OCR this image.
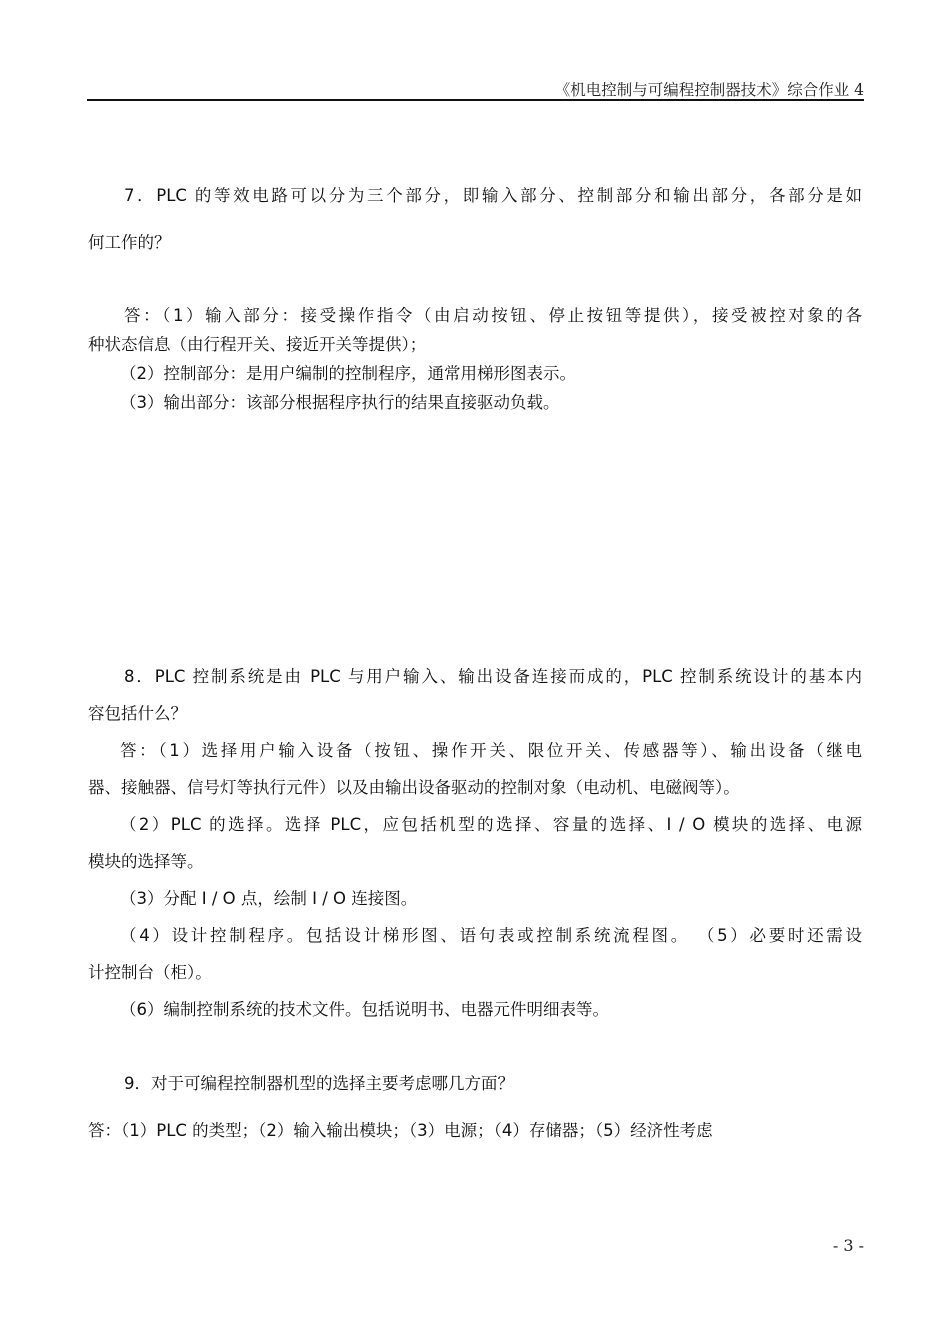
《机电控制与可编程控制器技术》综合作业 4
7．PLC 的等效电路可以分为三个部分，即输入部分、控制部分和输出部分，各部分是如
何工作的？
答：（1）输入部分：接受操作指令（由启动按钮、停止按钮等提供），接受被控对象的各
种状态信息（由行程开关、接近开关等提供）；
（2）控制部分：是用户编制的控制程序，通常用梯形图表示。
（3）输出部分：该部分根据程序执行的结果直接驱动负载。
8．PLC 控制系统是由 PLC 与用户输入、输出设备连接而成的，PLC 控制系统设计的基本内
容包括什么？
答：（1）选择用户输入设备（按钮、操作开关、限位开关、传感器等）、输出设备（继电
器、接触器、信号灯等执行元件）以及由输出设备驱动的控制对象（电动机、电磁阀等）。
（2）PLC 的选择。选择 PLC，应包括机型的选择、容量的选择、I / O 模块的选择、电源
模块的选择等。
（3）分配 I / O 点，绘制 I / O 连接图。
（4）设计控制程序。包括设计梯形图、语句表或控制系统流程图。 （5）必要时还需设
计控制台（柜）。
（6）编制控制系统的技术文件。包括说明书、电器元件明细表等。
9．对于可编程控制器机型的选择主要考虑哪几方面？
答：（1）PLC 的类型；（2）输入输出模块；（3）电源；（4）存储器；（5）经济性考虑
- 3 -
